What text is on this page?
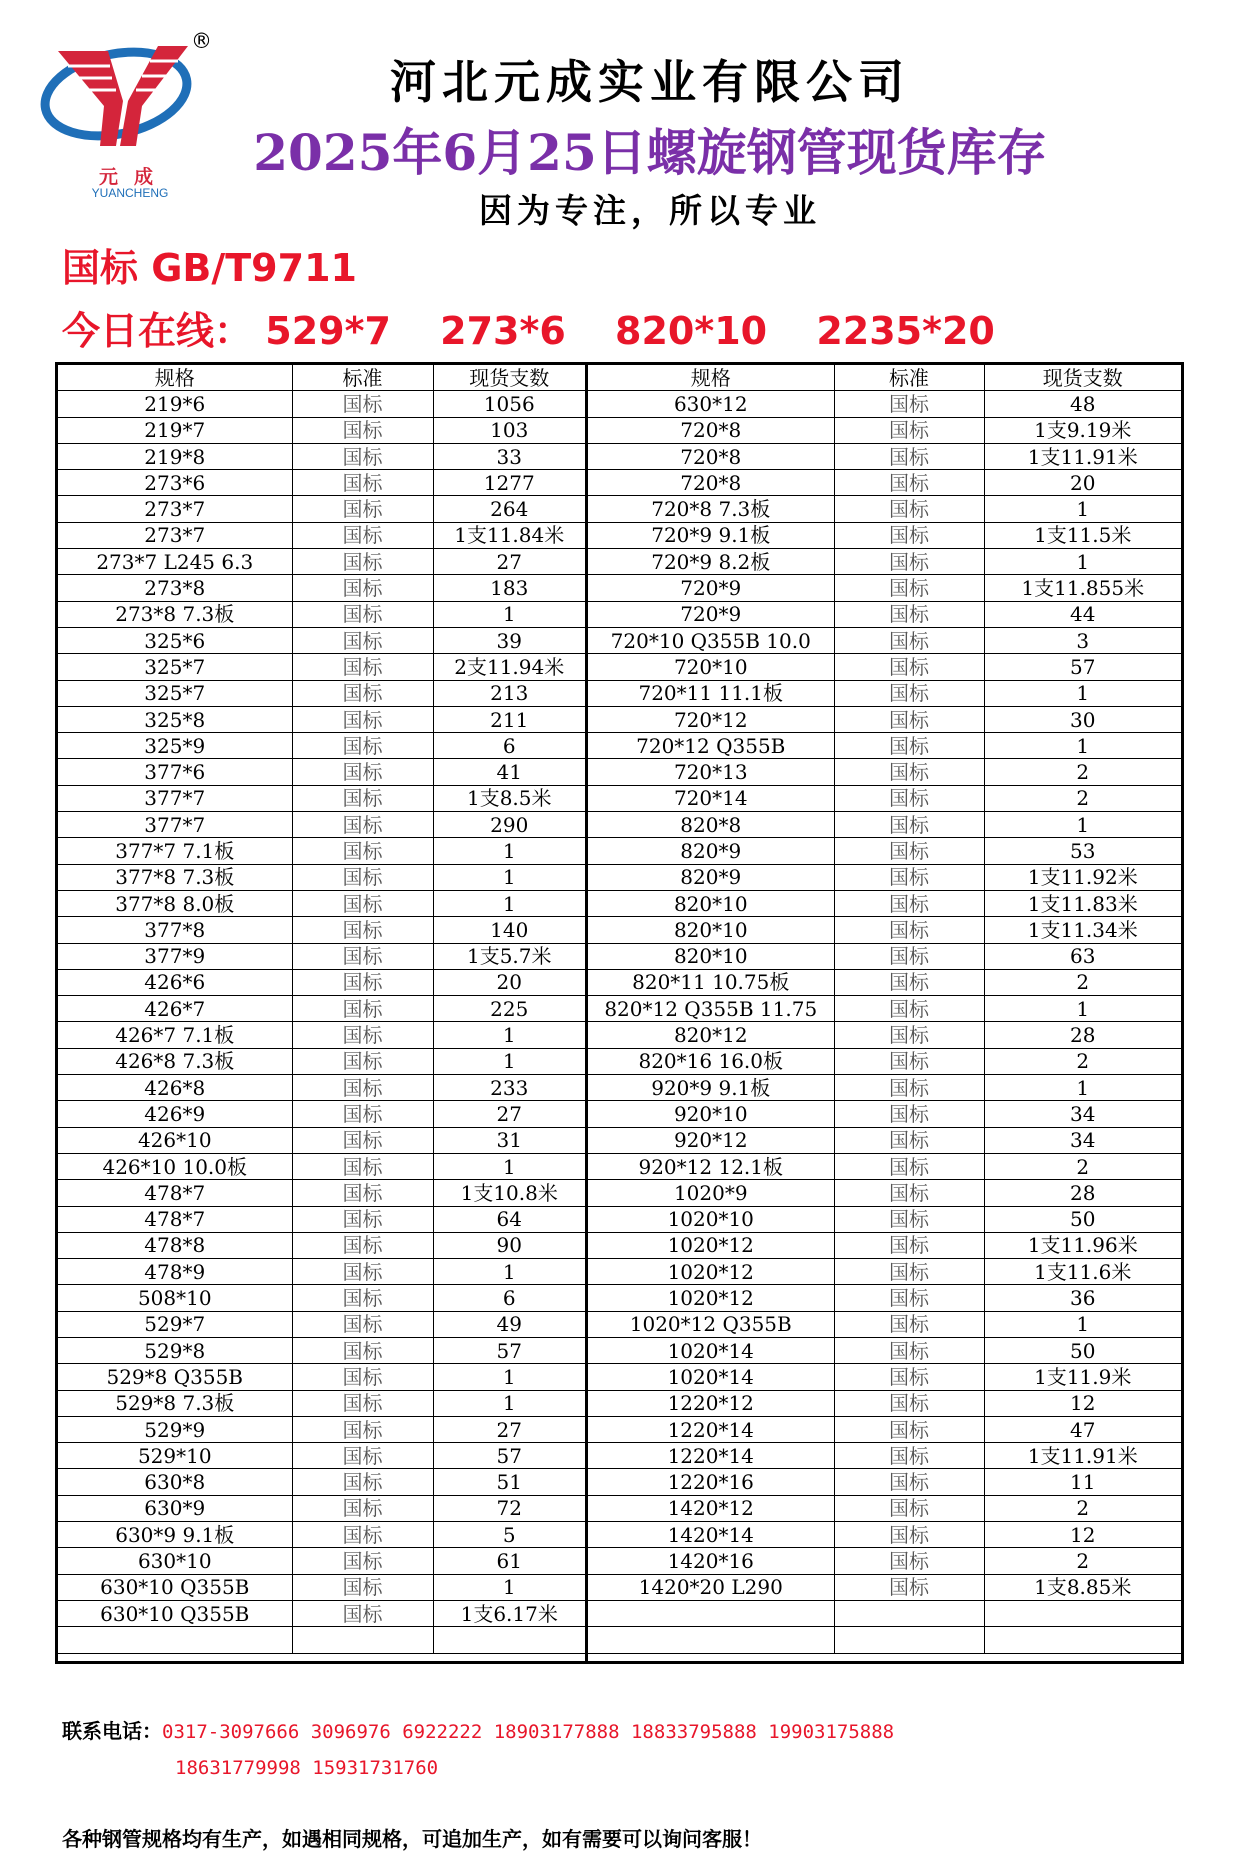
®
元成
YUANCHENG
河北元成实业有限公司
2025年6月25日螺旋钢管现货库存
因为专注，所以专业
国标 GB/T9711
今日在线： 529*7 273*6 820*10 2235*20
规格	标准	现货支数
219*6	国标	1056
219*7	国标	103
219*8	国标	33
273*6	国标	1277
273*7	国标	264
273*7	国标	1支11.84米
273*7 L245 6.3	国标	27
273*8	国标	183
273*8 7.3板	国标	1
325*6	国标	39
325*7	国标	2支11.94米
325*7	国标	213
325*8	国标	211
325*9	国标	6
377*6	国标	41
377*7	国标	1支8.5米
377*7	国标	290
377*7 7.1板	国标	1
377*8 7.3板	国标	1
377*8 8.0板	国标	1
377*8	国标	140
377*9	国标	1支5.7米
426*6	国标	20
426*7	国标	225
426*7 7.1板	国标	1
426*8 7.3板	国标	1
426*8	国标	233
426*9	国标	27
426*10	国标	31
426*10 10.0板	国标	1
478*7	国标	1支10.8米
478*7	国标	64
478*8	国标	90
478*9	国标	1
508*10	国标	6
529*7	国标	49
529*8	国标	57
529*8 Q355B	国标	1
529*8 7.3板	国标	1
529*9	国标	27
529*10	国标	57
630*8	国标	51
630*9	国标	72
630*9 9.1板	国标	5
630*10	国标	61
630*10 Q355B	国标	1
630*10 Q355B	国标	1支6.17米

规格	标准	现货支数
630*12	国标	48
720*8	国标	1支9.19米
720*8	国标	1支11.91米
720*8	国标	20
720*8 7.3板	国标	1
720*9 9.1板	国标	1支11.5米
720*9 8.2板	国标	1
720*9	国标	1支11.855米
720*9	国标	44
720*10 Q355B 10.0	国标	3
720*10	国标	57
720*11 11.1板	国标	1
720*12	国标	30
720*12 Q355B	国标	1
720*13	国标	2
720*14	国标	2
820*8	国标	1
820*9	国标	53
820*9	国标	1支11.92米
820*10	国标	1支11.83米
820*10	国标	1支11.34米
820*10	国标	63
820*11 10.75板	国标	2
820*12 Q355B 11.75	国标	1
820*12	国标	28
820*16 16.0板	国标	2
920*9 9.1板	国标	1
920*10	国标	34
920*12	国标	34
920*12 12.1板	国标	2
1020*9	国标	28
1020*10	国标	50
1020*12	国标	1支11.96米
1020*12	国标	1支11.6米
1020*12	国标	36
1020*12 Q355B	国标	1
1020*14	国标	50
1020*14	国标	1支11.9米
1220*12	国标	12
1220*14	国标	47
1220*14	国标	1支11.91米
1220*16	国标	11
1420*12	国标	2
1420*14	国标	12
1420*16	国标	2
1420*20 L290	国标	1支8.85米

联系电话：0317-3097666 3096976 6922222 18903177888 18833795888 19903175888
18631779998 15931731760
各种钢管规格均有生产，如遇相同规格，可追加生产，如有需要可以询问客服！
